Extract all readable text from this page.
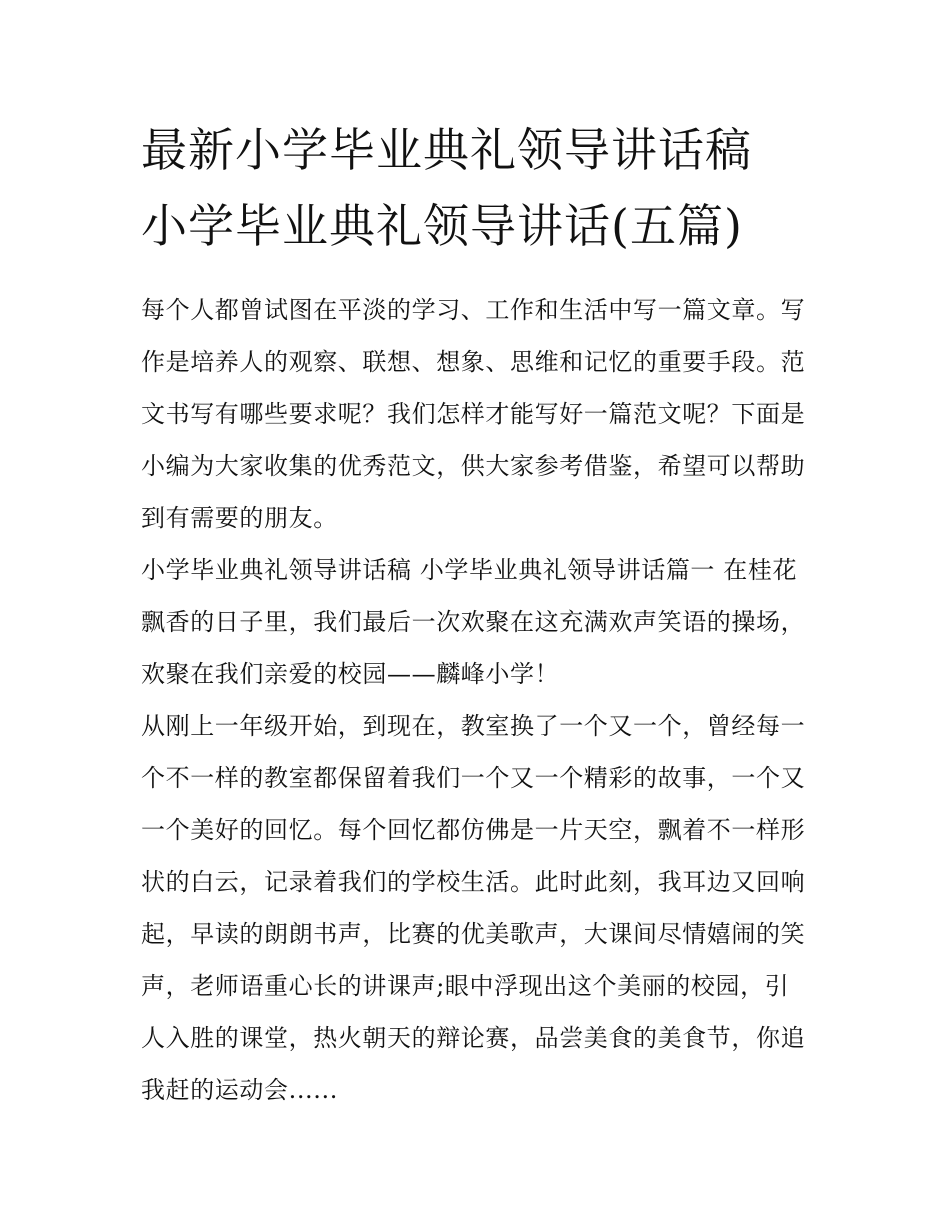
最新小学毕业典礼领导讲话稿
小学毕业典礼领导讲话(五篇)

每个人都曾试图在平淡的学习、工作和生活中写一篇文章。写
作是培养人的观察、联想、想象、思维和记忆的重要手段。范
文书写有哪些要求呢？我们怎样才能写好一篇范文呢？下面是
小编为大家收集的优秀范文，供大家参考借鉴，希望可以帮助
到有需要的朋友。

小学毕业典礼领导讲话稿 小学毕业典礼领导讲话篇一 在桂花
飘香的日子里，我们最后一次欢聚在这充满欢声笑语的操场，
欢聚在我们亲爱的校园——麟峰小学！

从刚上一年级开始，到现在，教室换了一个又一个，曾经每一
个不一样的教室都保留着我们一个又一个精彩的故事，一个又
一个美好的回忆。每个回忆都仿佛是一片天空，飘着不一样形
状的白云，记录着我们的学校生活。此时此刻，我耳边又回响
起，早读的朗朗书声，比赛的优美歌声，大课间尽情嬉闹的笑
声，老师语重心长的讲课声;眼中浮现出这个美丽的校园，引
人入胜的课堂，热火朝天的辩论赛，品尝美食的美食节，你追
我赶的运动会......
